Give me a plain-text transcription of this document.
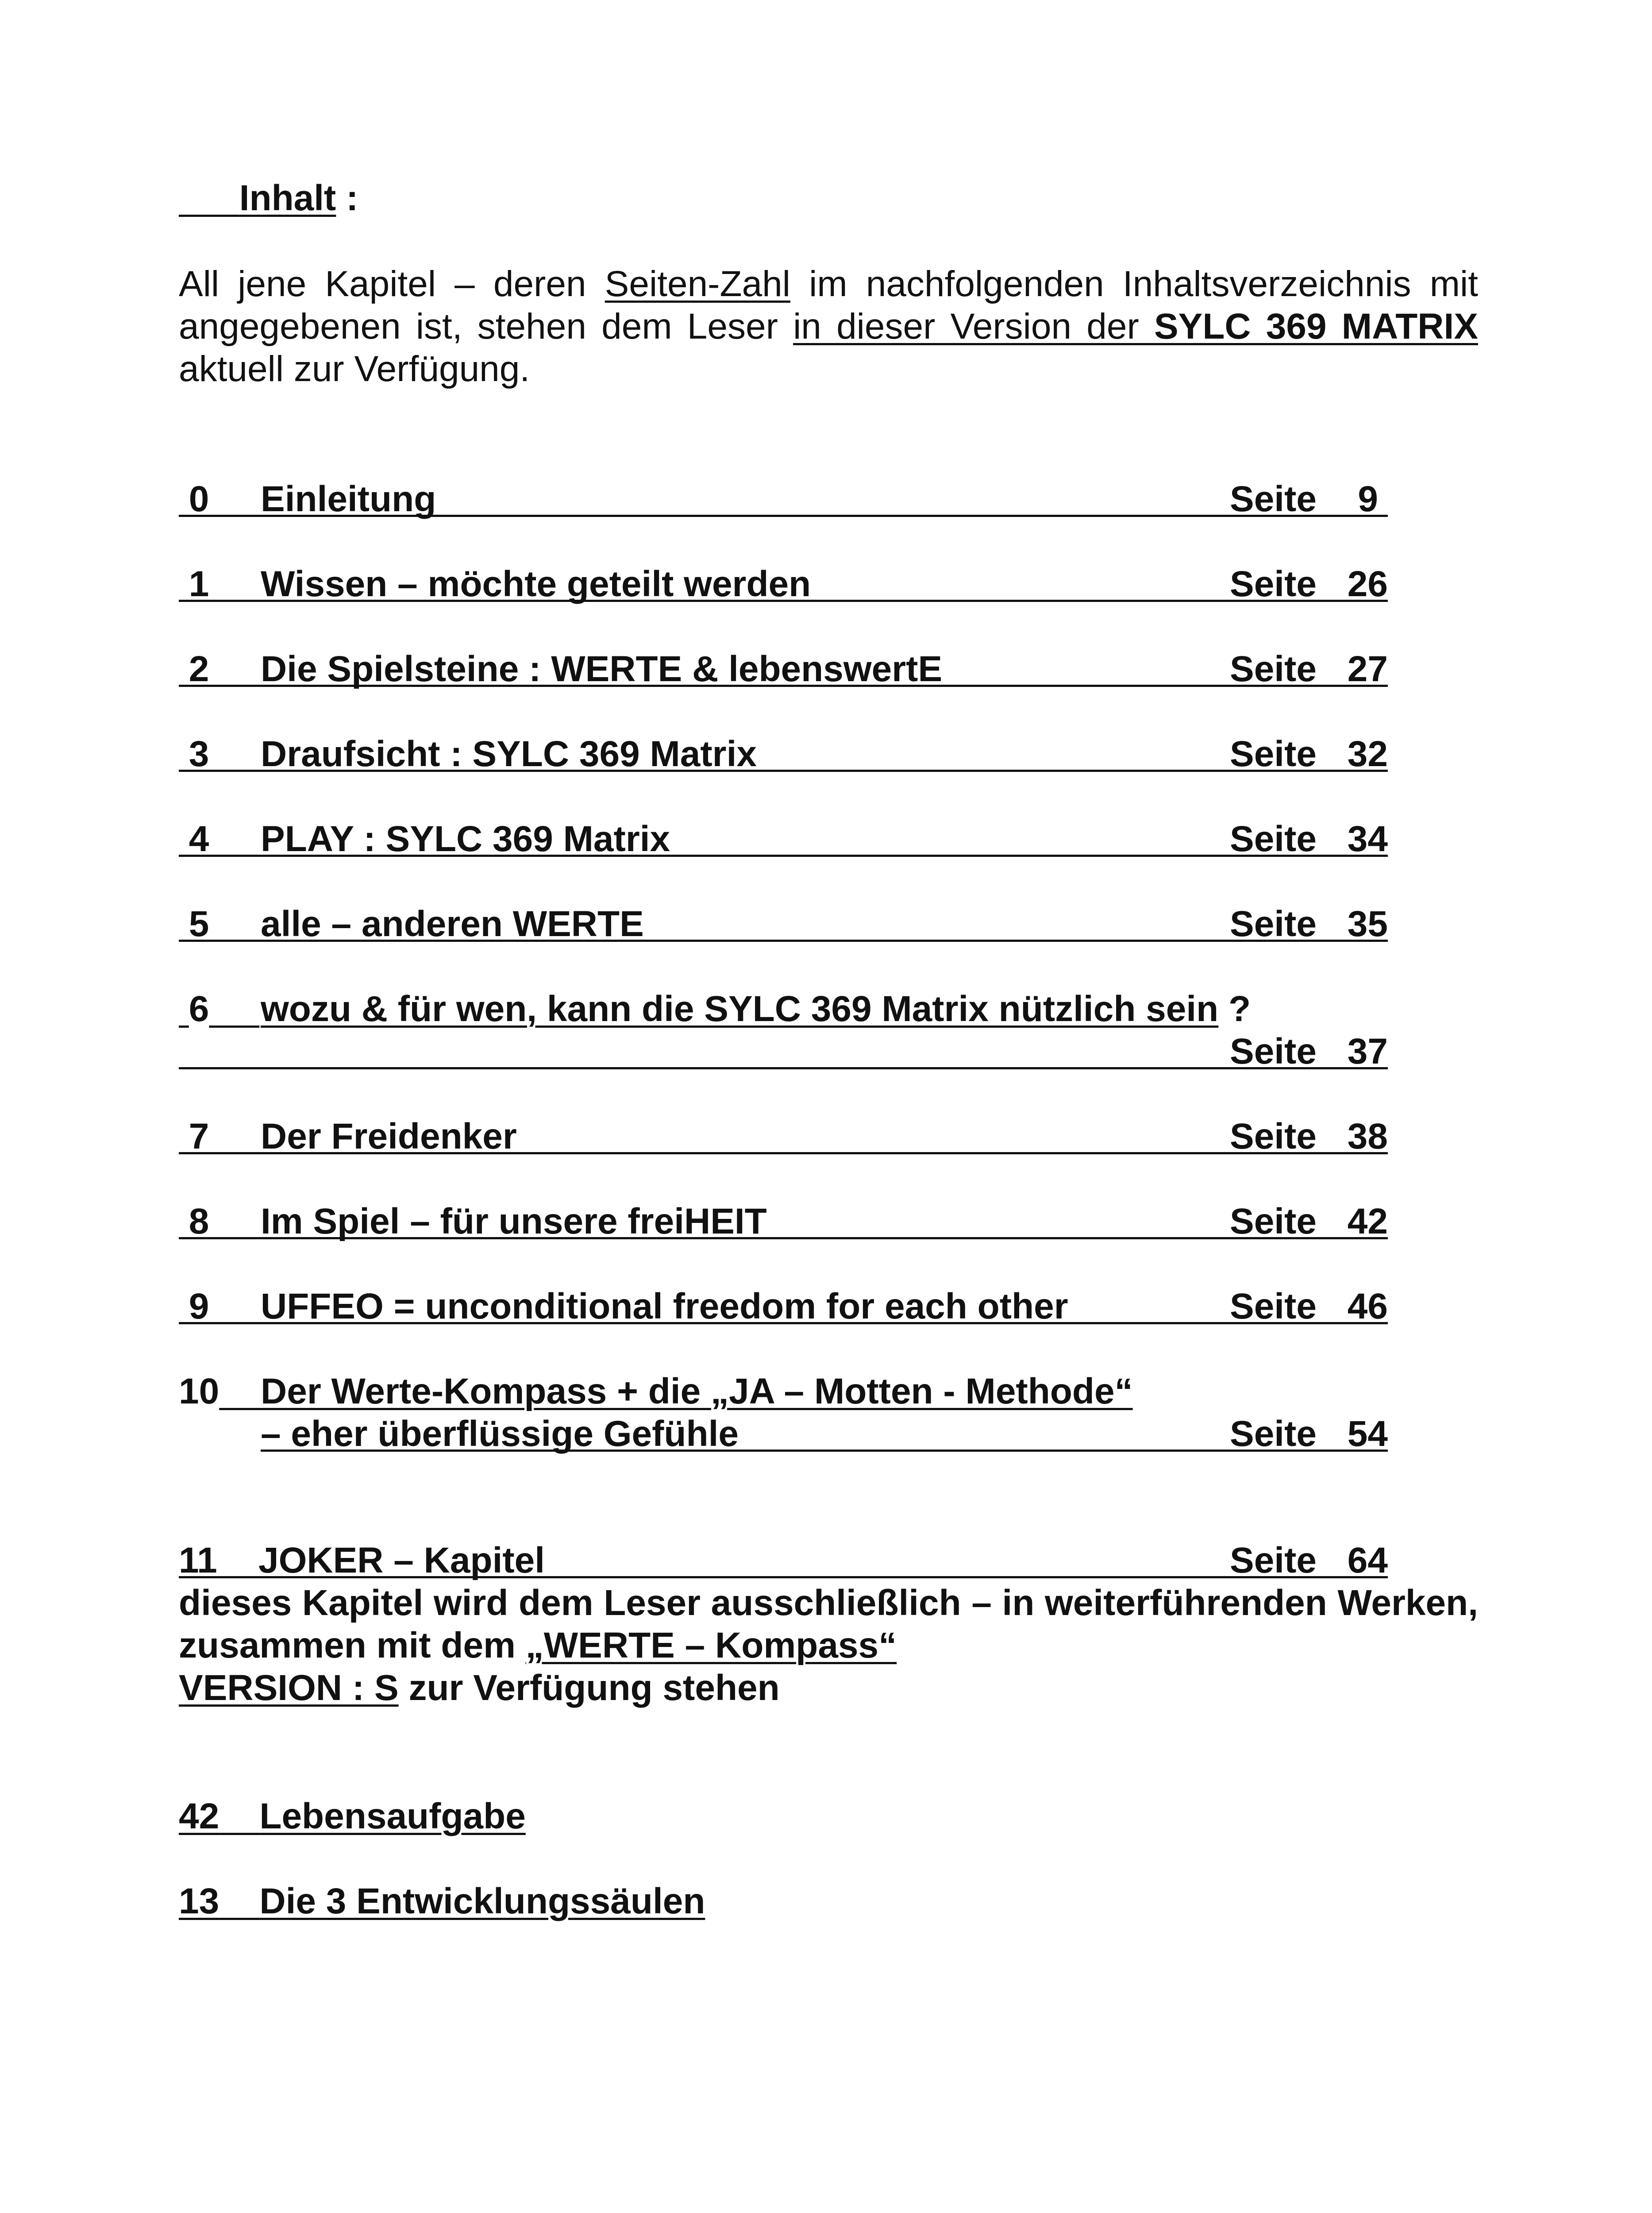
Inhalt :
All jene Kapitel – deren Seiten-Zahl im nachfolgenden Inhaltsverzeichnis mit angegebenen ist, stehen dem Leser in dieser Version der SYLC 369 MATRIX aktuell zur Verfügung.
0	Einleitung	Seite 9
1	Wissen – möchte geteilt werden	Seite 26
2	Die Spielsteine : WERTE & lebenswertE	Seite 27
3	Draufsicht : SYLC 369 Matrix	Seite 32
4	PLAY : SYLC 369 Matrix	Seite 34
5	alle – anderen WERTE	Seite 35
6	wozu & für wen, kann die SYLC 369 Matrix nützlich sein ?
Seite 37
7	Der Freidenker	Seite 38
8	Im Spiel – für unsere freiHEIT	Seite 42
9	UFFEO = unconditional freedom for each other	Seite 46
10	Der Werte-Kompass + die „JA – Motten - Methode“
– eher überflüssige Gefühle	Seite 54
11	JOKER – Kapitel	Seite 64
dieses Kapitel wird dem Leser ausschließlich – in weiterführenden Werken, zusammen mit dem „WERTE – Kompass“
VERSION : S zur Verfügung stehen
42 Lebensaufgabe
13 Die 3 Entwicklungssäulen
